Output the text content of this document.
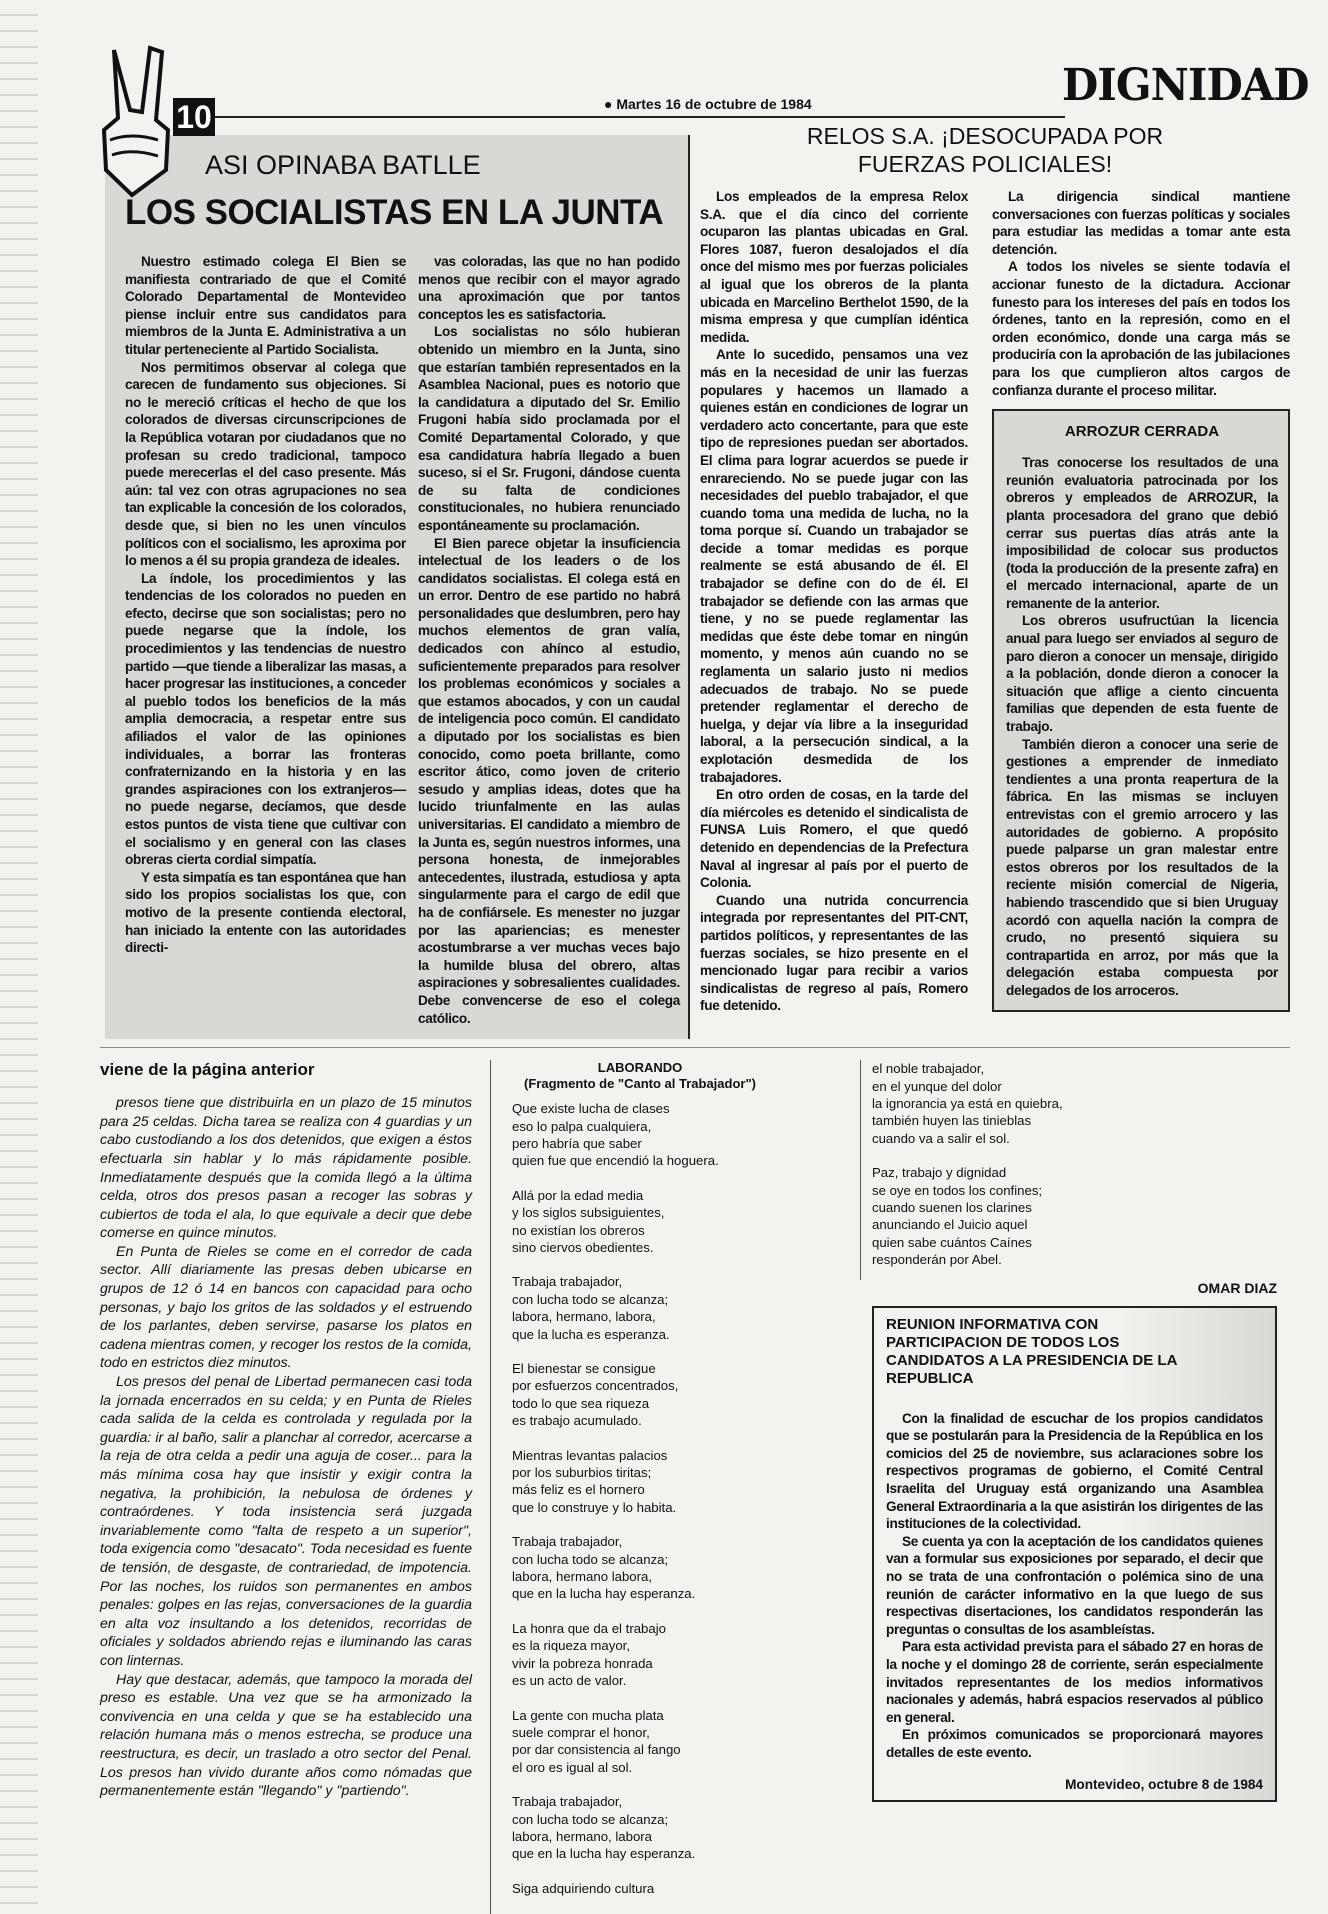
10	● Martes 16 de octubre de 1984	DIGNIDAD
ASI OPINABA BATLLE
LOS SOCIALISTAS EN LA JUNTA

Nuestro estimado colega El Bien se manifiesta contrariado de que el Comité Colorado Departamental de Montevideo piense incluir entre sus candidatos para miembros de la Junta E. Administrativa a un titular perteneciente al Partido Socialista.

Nos permitimos observar al colega que carecen de fundamento sus objeciones. Si no le mereció críticas el hecho de que los colorados de diversas circunscripciones de la República votaran por ciudadanos que no profesan su credo tradicional, tampoco puede merecerlas el del caso presente. Más aún: tal vez con otras agrupaciones no sea tan explicable la concesión de los colorados, desde que, si bien no les unen vínculos políticos con el socialismo, les aproxima por lo menos a él su propia grandeza de ideales.

La índole, los procedimientos y las tendencias de los colorados no pueden en efecto, decirse que son socialistas; pero no puede negarse que la índole, los procedimientos y las tendencias de nuestro partido —que tiende a liberalizar las masas, a hacer progresar las instituciones, a conceder al pueblo todos los beneficios de la más amplia democracia, a respetar entre sus afiliados el valor de las opiniones individuales, a borrar las fronteras confraternizando en la historia y en las grandes aspiraciones con los extranjeros— no puede negarse, decíamos, que desde estos puntos de vista tiene que cultivar con el socialismo y en general con las clases obreras cierta cordial simpatía.

Y esta simpatía es tan espontánea que han sido los propios socialistas los que, con motivo de la presente contienda electoral, han iniciado la entente con las autoridades directi-

vas coloradas, las que no han podido menos que recibir con el mayor agrado una aproximación que por tantos conceptos les es satisfactoria.

Los socialistas no sólo hubieran obtenido un miembro en la Junta, sino que estarían también representados en la Asamblea Nacional, pues es notorio que la candidatura a diputado del Sr. Emilio Frugoni había sido proclamada por el Comité Departamental Colorado, y que esa candidatura habría llegado a buen suceso, si el Sr. Frugoni, dándose cuenta de su falta de condiciones constitucionales, no hubiera renunciado espontáneamente su proclamación.

El Bien parece objetar la insuficiencia intelectual de los leaders o de los candidatos socialistas. El colega está en un error. Dentro de ese partido no habrá personalidades que deslumbren, pero hay muchos elementos de gran valía, dedicados con ahínco al estudio, suficientemente preparados para resolver los problemas económicos y sociales a que estamos abocados, y con un caudal de inteligencia poco común. El candidato a diputado por los socialistas es bien conocido, como poeta brillante, como escritor ático, como joven de criterio sesudo y amplias ideas, dotes que ha lucido triunfalmente en las aulas universitarias. El candidato a miembro de la Junta es, según nuestros informes, una persona honesta, de inmejorables antecedentes, ilustrada, estudiosa y apta singularmente para el cargo de edil que ha de confiársele. Es menester no juzgar por las apariencias; es menester acostumbrarse a ver muchas veces bajo la humilde blusa del obrero, altas aspiraciones y sobresalientes cualidades. Debe convencerse de eso el colega católico.

RELOS S.A. ¡DESOCUPADA POR FUERZAS POLICIALES!

Los empleados de la empresa Relox S.A. que el día cinco del corriente ocuparon las plantas ubicadas en Gral. Flores 1087, fueron desalojados el día once del mismo mes por fuerzas policiales al igual que los obreros de la planta ubicada en Marcelino Berthelot 1590, de la misma empresa y que cumplían idéntica medida.

Ante lo sucedido, pensamos una vez más en la necesidad de unir las fuerzas populares y hacemos un llamado a quienes están en condiciones de lograr un verdadero acto concertante, para que este tipo de represiones puedan ser abortados. El clima para lograr acuerdos se puede ir enrareciendo. No se puede jugar con las necesidades del pueblo trabajador, el que cuando toma una medida de lucha, no la toma porque sí. Cuando un trabajador se decide a tomar medidas es porque realmente se está abusando de él. El trabajador se define con do de él. El trabajador se defiende con las armas que tiene, y no se puede reglamentar las medidas que éste debe tomar en ningún momento, y menos aún cuando no se reglamenta un salario justo ni medios adecuados de trabajo. No se puede pretender reglamentar el derecho de huelga, y dejar vía libre a la inseguridad laboral, a la persecución sindical, a la explotación desmedida de los trabajadores.

En otro orden de cosas, en la tarde del día miércoles es detenido el sindicalista de FUNSA Luis Romero, el que quedó detenido en dependencias de la Prefectura Naval al ingresar al país por el puerto de Colonia.

Cuando una nutrida concurrencia integrada por representantes del PIT-CNT, partidos políticos, y representantes de las fuerzas sociales, se hizo presente en el mencionado lugar para recibir a varios sindicalistas de regreso al país, Romero fue detenido.

La dirigencia sindical mantiene conversaciones con fuerzas políticas y sociales para estudiar las medidas a tomar ante esta detención.

A todos los niveles se siente todavía el accionar funesto de la dictadura. Accionar funesto para los intereses del país en todos los órdenes, tanto en la represión, como en el orden económico, donde una carga más se produciría con la aprobación de las jubilaciones para los que cumplieron altos cargos de confianza durante el proceso militar.

ARROZUR CERRADA

Tras conocerse los resultados de una reunión evaluatoria patrocinada por los obreros y empleados de ARROZUR, la planta procesadora del grano que debió cerrar sus puertas días atrás ante la imposibilidad de colocar sus productos (toda la producción de la presente zafra) en el mercado internacional, aparte de un remanente de la anterior.

Los obreros usufructúan la licencia anual para luego ser enviados al seguro de paro dieron a conocer un mensaje, dirigido a la población, donde dieron a conocer la situación que aflige a ciento cincuenta familias que dependen de esta fuente de trabajo.

También dieron a conocer una serie de gestiones a emprender de inmediato tendientes a una pronta reapertura de la fábrica. En las mismas se incluyen entrevistas con el gremio arrocero y las autoridades de gobierno. A propósito puede palparse un gran malestar entre estos obreros por los resultados de la reciente misión comercial de Nigeria, habiendo trascendido que si bien Uruguay acordó con aquella nación la compra de crudo, no presentó siquiera su contrapartida en arroz, por más que la delegación estaba compuesta por delegados de los arroceros.

viene de la página anterior

presos tiene que distribuirla en un plazo de 15 minutos para 25 celdas. Dicha tarea se realiza con 4 guardias y un cabo custodiando a los dos detenidos, que exigen a éstos efectuarla sin hablar y lo más rápidamente posible. Inmediatamente después que la comida llegó a la última celda, otros dos presos pasan a recoger las sobras y cubiertos de toda el ala, lo que equivale a decir que debe comerse en quince minutos.

En Punta de Rieles se come en el corredor de cada sector. Allí diariamente las presas deben ubicarse en grupos de 12 ó 14 en bancos con capacidad para ocho personas, y bajo los gritos de las soldados y el estruendo de los parlantes, deben servirse, pasarse los platos en cadena mientras comen, y recoger los restos de la comida, todo en estrictos diez minutos.

Los presos del penal de Libertad permanecen casi toda la jornada encerrados en su celda; y en Punta de Rieles cada salida de la celda es controlada y regulada por la guardia: ir al baño, salir a planchar al corredor, acercarse a la reja de otra celda a pedir una aguja de coser... para la más mínima cosa hay que insistir y exigir contra la negativa, la prohibición, la nebulosa de órdenes y contraórdenes. Y toda insistencia será juzgada invariablemente como "falta de respeto a un superior", toda exigencia como "desacato". Toda necesidad es fuente de tensión, de desgaste, de contrariedad, de impotencia. Por las noches, los ruidos son permanentes en ambos penales: golpes en las rejas, conversaciones de la guardia en alta voz insultando a los detenidos, recorridas de oficiales y soldados abriendo rejas e iluminando las caras con linternas.

Hay que destacar, además, que tampoco la morada del preso es estable. Una vez que se ha armonizado la convivencia en una celda y que se ha establecido una relación humana más o menos estrecha, se produce una reestructura, es decir, un traslado a otro sector del Penal. Los presos han vivido durante años como nómadas que permanentemente están "llegando" y "partiendo".

LABORANDO
(Fragmento de "Canto al Trabajador")
Que existe lucha de clases
eso lo palpa cualquiera,
pero habría que saber
quien fue que encendió la hoguera.
Allá por la edad media
y los siglos subsiguientes,
no existían los obreros
sino ciervos obedientes.
Trabaja trabajador,
con lucha todo se alcanza;
labora, hermano, labora,
que la lucha es esperanza.
El bienestar se consigue
por esfuerzos concentrados,
todo lo que sea riqueza
es trabajo acumulado.
Mientras levantas palacios
por los suburbios tiritas;
más feliz es el hornero
que lo construye y lo habita.
Trabaja trabajador,
con lucha todo se alcanza;
labora, hermano labora,
que en la lucha hay esperanza.
La honra que da el trabajo
es la riqueza mayor,
vivir la pobreza honrada
es un acto de valor.
La gente con mucha plata
suele comprar el honor,
por dar consistencia al fango
el oro es igual al sol.
Trabaja trabajador,
con lucha todo se alcanza;
labora, hermano, labora
que en la lucha hay esperanza.
Siga adquiriendo cultura
el noble trabajador,
en el yunque del dolor
la ignorancia ya está en quiebra,
también huyen las tinieblas
cuando va a salir el sol.
Paz, trabajo y dignidad
se oye en todos los confines;
cuando suenen los clarines
anunciando el Juicio aquel
quien sabe cuántos Caínes
responderán por Abel.
OMAR DIAZ
REUNION INFORMATIVA CON PARTICIPACION DE TODOS LOS CANDIDATOS A LA PRESIDENCIA DE LA REPUBLICA

Con la finalidad de escuchar de los propios candidatos que se postularán para la Presidencia de la República en los comicios del 25 de noviembre, sus aclaraciones sobre los respectivos programas de gobierno, el Comité Central Israelita del Uruguay está organizando una Asamblea General Extraordinaria a la que asistirán los dirigentes de las instituciones de la colectividad.

Se cuenta ya con la aceptación de los candidatos quienes van a formular sus exposiciones por separado, el decir que no se trata de una confrontación o polémica sino de una reunión de carácter informativo en la que luego de sus respectivas disertaciones, los candidatos responderán las preguntas o consultas de los asambleístas.

Para esta actividad prevista para el sábado 27 en horas de la noche y el domingo 28 de corriente, serán especialmente invitados representantes de los medios informativos nacionales y además, habrá espacios reservados al público en general.

En próximos comunicados se proporcionará mayores detalles de este evento.

Montevideo, octubre 8 de 1984
